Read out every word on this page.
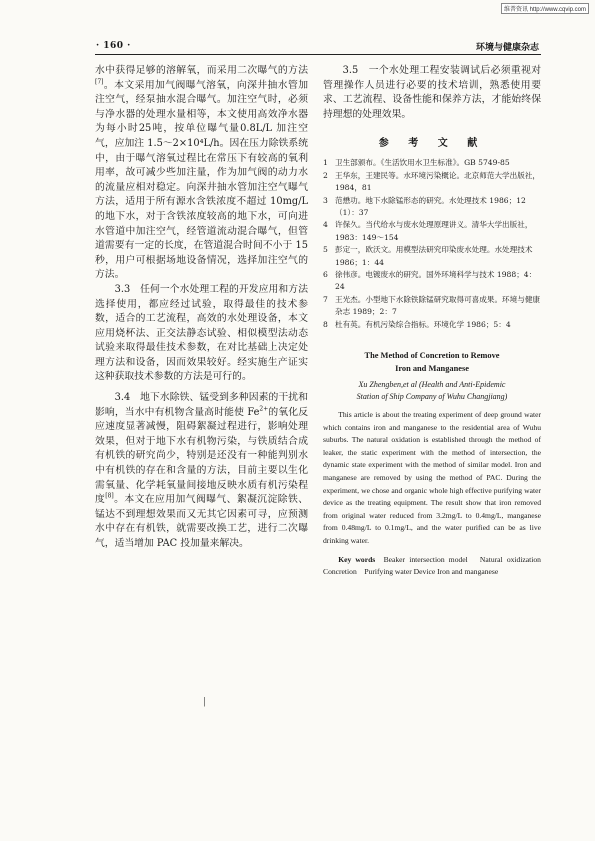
维普资讯 http://www.cqvip.com
· 160 ·	环境与健康杂志

水中获得足够的溶解氧，而采用二次曝气的方法[7]。本文采用加气阀曝气溶氧，向深井抽水管加注空气，经泵抽水混合曝气。加注空气时，必须与净水器的处理水量相等，本文使用高效净水器为每小时25吨，按单位曝气量0.8L/L 加注空气，应加注 1.5～2×10⁴L/h。因在压力除铁系统中，由于曝气溶氧过程比在常压下有较高的氧利用率，故可减少些加注量，作为加气阀的动力水的流量应相对稳定。向深井抽水管加注空气曝气方法，适用于所有源水含铁浓度不超过 10mg/L 的地下水，对于含铁浓度较高的地下水，可向进水管道中加注空气，经管道流动混合曝气，但管道需要有一定的长度，在管道混合时间不小于 15 秒，用户可根据场地设备情况，选择加注空气的方法。

3.3　任何一个水处理工程的开发应用和方法选择使用，都应经过试验，取得最佳的技术参数，适合的工艺流程，高效的水处理设备，本文应用烧杯法、正交法静态试验、相似模型法动态试验来取得最佳技术参数，在对比基础上决定处理方法和设备，因而效果较好。经实施生产证实这种获取技术参数的方法是可行的。

3.4　地下水除铁、锰受到多种因素的干扰和影响，当水中有机物含量高时能使 $Fe^{2+}$的氧化反应速度显著减慢，阻碍絮凝过程进行，影响处理效果，但对于地下水有机物污染，与铁质结合成有机铁的研究尚少，特别是还没有一种能判别水中有机铁的存在和含量的方法，目前主要以生化需氧量、化学耗氧量间接地反映水质有机污染程度[8]。本文在应用加气阀曝气、絮凝沉淀除铁、锰达不到理想效果而又无其它因素可寻，应预测水中存在有机铁，就需要改换工艺，进行二次曝气，适当增加 PAC 投加量来解决。

3.5　一个水处理工程安装调试后必须重视对管理操作人员进行必要的技术培训，熟悉使用要求、工艺流程、设备性能和保养方法，才能始终保持理想的处理效果。

参 考 文 献
1 卫生部颁布。《生活饮用水卫生标准》。GB 5749-85
2 王华东，王建民等。水环境污染概论。北京师范大学出版社，1984，81
3 范懋功。地下水除锰形态的研究。水处理技术 1986；12（1）：37
4 许保久。当代给水与废水处理原理讲义。清华大学出版社，1983：149～154
5 彭定一，欧沃文。用模型法研究印染废水处理。水处理技术 1986；1：44
6 徐伟彦。电镀废水的研究。国外环境科学与技术 1988；4：24
7 王光杰。小型地下水除铁除锰研究取得可喜成果。环境与健康杂志 1989；2：7
8 杜有英。有机污染综合指标。环境化学 1986；5：4
The Method of Concretion to Remove
Iron and Manganese
Xu Zhengben,et al (Health and Anti-Epidemic
Station of Ship Company of Wuhu Changjiang)

This article is about the treating experiment of deep ground water which contains iron and manganese to the residential area of Wuhu suburbs. The natural oxidation is established through the method of leaker, the static experiment with the method of intersection, the dynamic state experiment with the method of similar model. Iron and manganese are removed by using the method of PAC. During the experiment, we chose and organic whole high effective purifying water device as the treating equipment. The result show that iron removed from original water reduced from 3.2mg/L to 0.4mg/L, manganese from 0.48mg/L to 0.1mg/L, and the water purified can be as live drinking water.

Key words Beaker intersection model　Natural oxidization　Concretion　Purifying water Device Iron and manganese

|
